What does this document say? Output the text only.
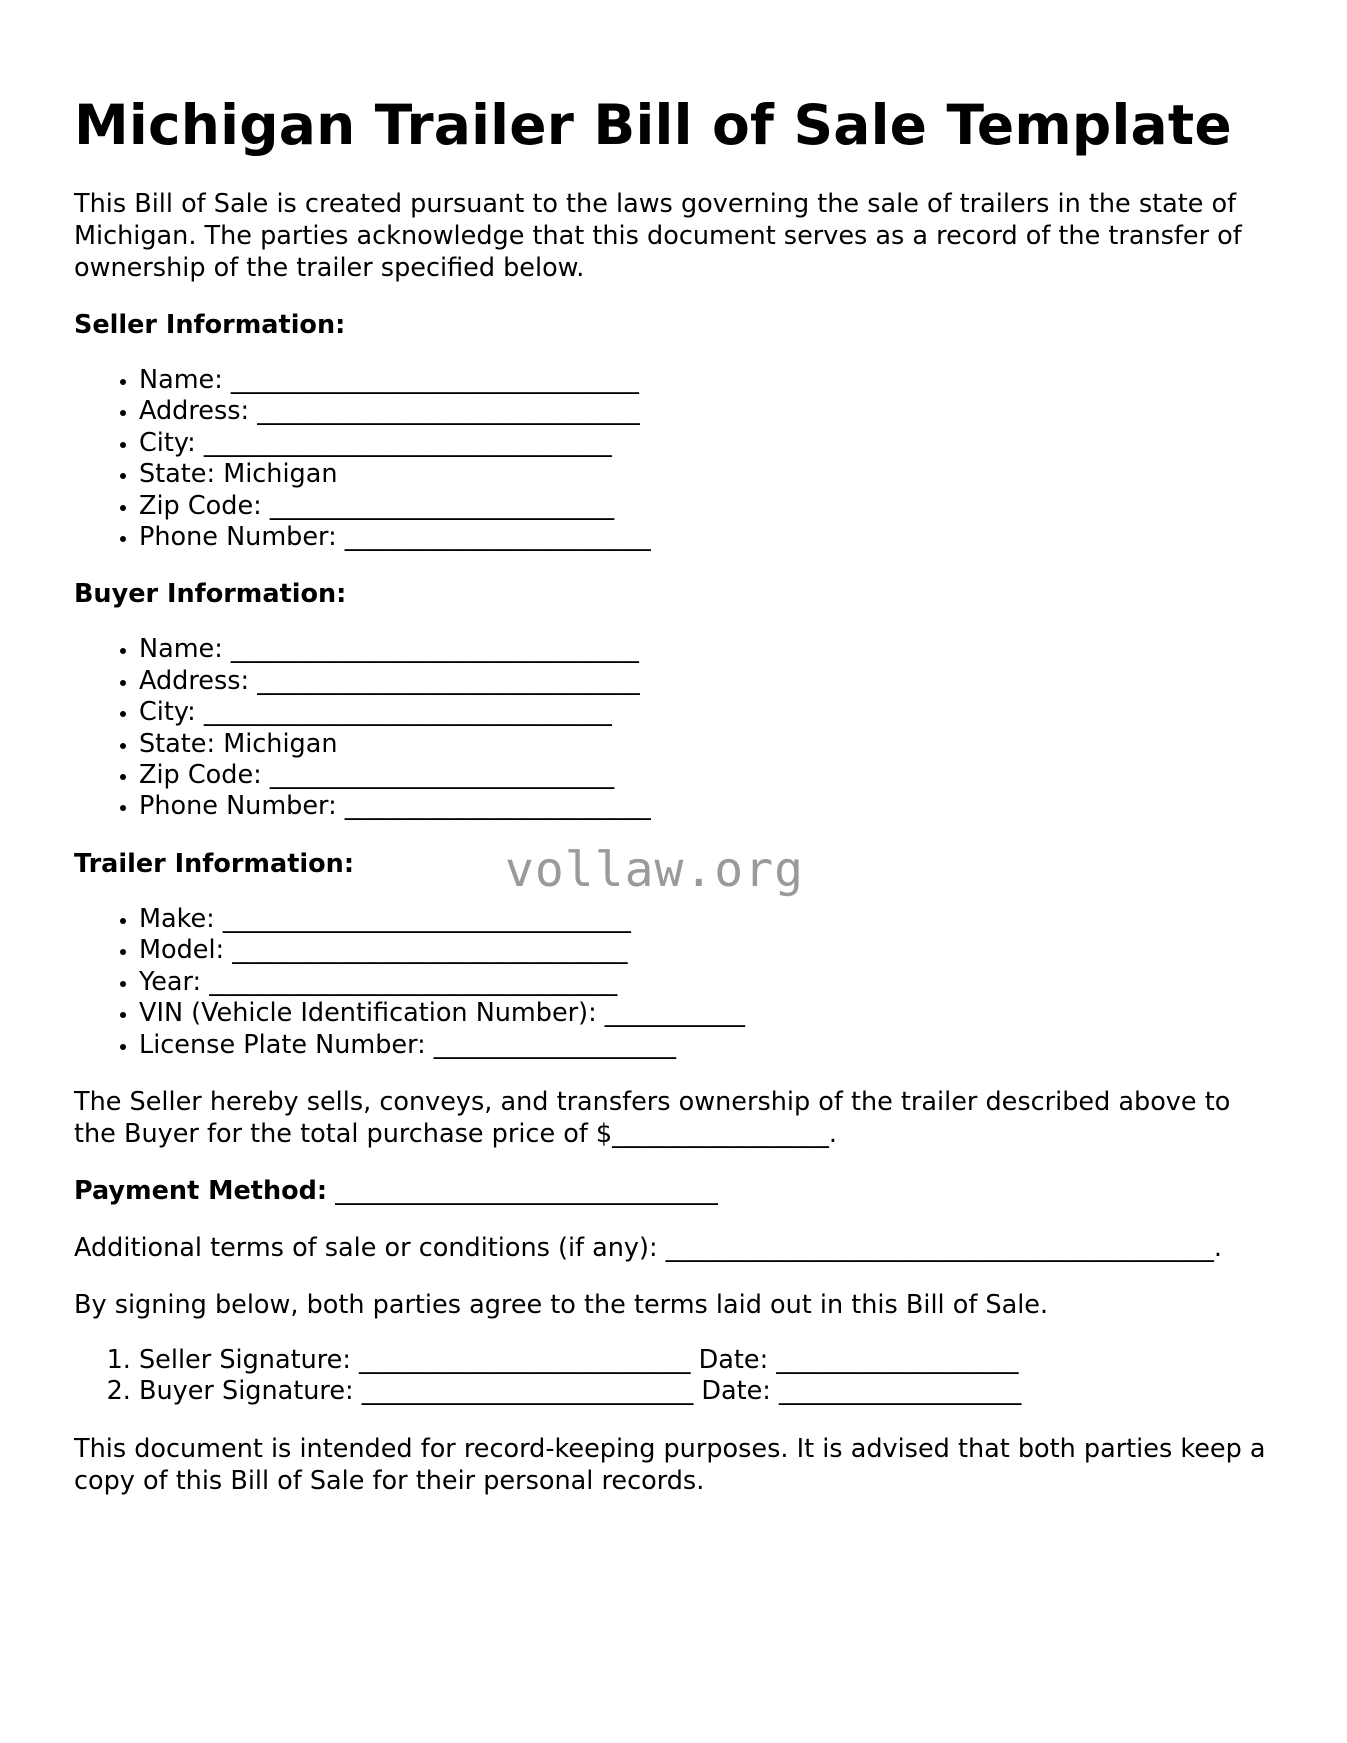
Michigan Trailer Bill of Sale Template

This Bill of Sale is created pursuant to the laws governing the sale of trailers in the state of Michigan. The parties acknowledge that this document serves as a record of the transfer of ownership of the trailer specified below.

Seller Information:

• Name: ________________________________
• Address: ______________________________
• City: ________________________________
• State: Michigan
• Zip Code: ___________________________
• Phone Number: ________________________

Buyer Information:

• Name: ________________________________
• Address: ______________________________
• City: ________________________________
• State: Michigan
• Zip Code: ___________________________
• Phone Number: ________________________

Trailer Information:

• Make: ________________________________
• Model: _______________________________
• Year: ________________________________
• VIN (Vehicle Identification Number): ___________
• License Plate Number: ___________________

The Seller hereby sells, conveys, and transfers ownership of the trailer described above to the Buyer for the total purchase price of $_________________.

Payment Method: ______________________________

Additional terms of sale or conditions (if any): ___________________________________________.

By signing below, both parties agree to the terms laid out in this Bill of Sale.

1. Seller Signature: __________________________ Date: ___________________
2. Buyer Signature: __________________________ Date: ___________________

This document is intended for record-keeping purposes. It is advised that both parties keep a copy of this Bill of Sale for their personal records.

vollaw.org
